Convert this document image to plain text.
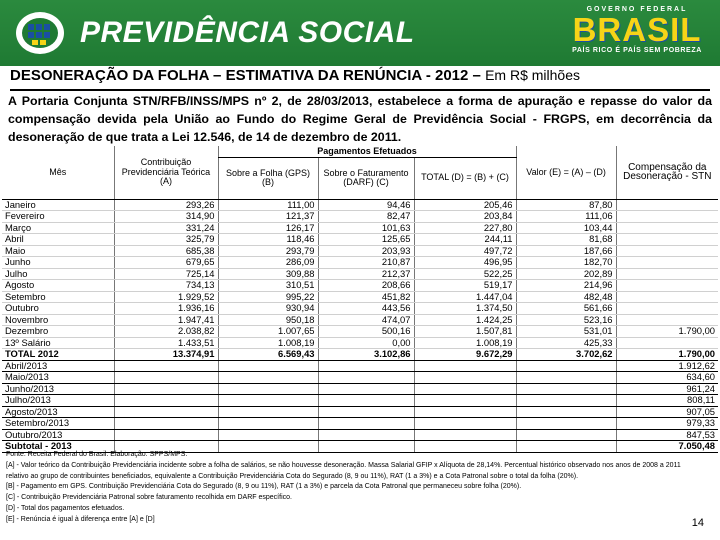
PREVIDÊNCIA SOCIAL
GOVERNO FEDERAL
BRASIL
PAÍS RICO É PAÍS SEM POBREZA
DESONERAÇÃO DA FOLHA – ESTIMATIVA DA RENÚNCIA - 2012 – Em R$ milhões
A Portaria Conjunta STN/RFB/INSS/MPS nº 2, de 28/03/2013, estabelece a forma de apuração e repasse do valor da compensação devida pela União ao Fundo do Regime Geral de Previdência Social - FRGPS, em decorrência da desoneração de que trata a Lei 12.546, de 14 de dezembro de 2011.
Mês	Contribuição Previdenciária Teórica (A)	Pagamentos Efetuados			Valor (E) = (A) – (D)	Compensação da Desoneração - STN
		Sobre a Folha (GPS) (B)	Sobre o Faturamento (DARF) (C)	TOTAL (D) = (B) + (C)		
Janeiro	293,26	111,00	94,46	205,46	87,80	
Fevereiro	314,90	121,37	82,47	203,84	111,06	
Março	331,24	126,17	101,63	227,80	103,44	
Abril	325,79	118,46	125,65	244,11	81,68	
Maio	685,38	293,79	203,93	497,72	187,66	
Junho	679,65	286,09	210,87	496,95	182,70	
Julho	725,14	309,88	212,37	522,25	202,89	
Agosto	734,13	310,51	208,66	519,17	214,96	
Setembro	1.929,52	995,22	451,82	1.447,04	482,48	
Outubro	1.936,16	930,94	443,56	1.374,50	561,66	
Novembro	1.947,41	950,18	474,07	1.424,25	523,16	
Dezembro	2.038,82	1.007,65	500,16	1.507,81	531,01	1.790,00
13º Salário	1.433,51	1.008,19	0,00	1.008,19	425,33	
TOTAL 2012	13.374,91	6.569,43	3.102,86	9.672,29	3.702,62	1.790,00
Abril/2013						1.912,62
Maio/2013						634,60
Junho/2013						961,24
Julho/2013						808,11
Agosto/2013						907,05
Setembro/2013						979,33
Outubro/2013						847,53
Subtotal - 2013						7.050,48
Fonte: Receita Federal do Brasil. Elaboração: SPPS/MPS.
[A] - Valor teórico da Contribuição Previdenciária incidente sobre a folha de salários, se não houvesse desoneração. Massa Salarial GFIP x Alíquota de 28,14%. Percentual histórico observado nos anos de 2008 a 2011 relativo ao grupo de contribuintes beneficiados, equivalente a Contribuição Previdenciária Cota do Segurado (8, 9 ou 11%), RAT (1 a 3%) e a Cota Patronal sobre o total da folha (20%).
[B] - Pagamento em GPS. Contribuição Previdenciária Cota do Segurado (8, 9 ou 11%), RAT (1 a 3%) e parcela da Cota Patronal que permaneceu sobre folha (20%).
[C] - Contribuição Previdenciária Patronal sobre faturamento recolhida em DARF específico.
[D] - Total dos pagamentos efetuados.
[E] - Renúncia é igual à diferença entre [A] e [D]	14
